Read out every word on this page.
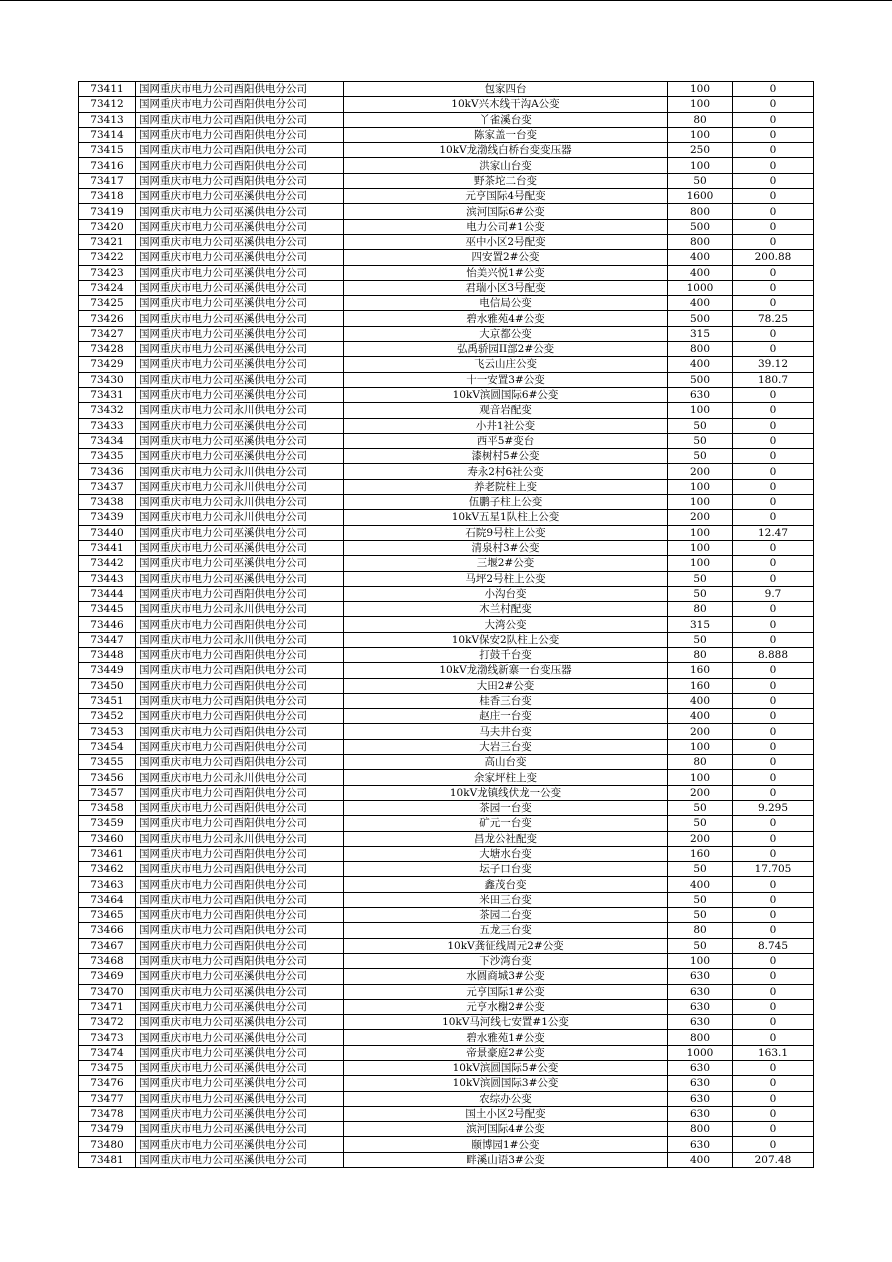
73411	国网重庆市电力公司酉阳供电分公司	包家四台	100	0
73412	国网重庆市电力公司酉阳供电分公司	10kV兴木线干沟A公变	100	0
73413	国网重庆市电力公司酉阳供电分公司	丫雀溪台变	80	0
73414	国网重庆市电力公司酉阳供电分公司	陈家盖一台变	100	0
73415	国网重庆市电力公司酉阳供电分公司	10kV龙渤线白桥台变变压器	250	0
73416	国网重庆市电力公司酉阳供电分公司	洪家山台变	100	0
73417	国网重庆市电力公司酉阳供电分公司	野茶坨二台变	50	0
73418	国网重庆市电力公司巫溪供电分公司	元亨国际4号配变	1600	0
73419	国网重庆市电力公司巫溪供电分公司	滨河国际6#公变	800	0
73420	国网重庆市电力公司巫溪供电分公司	电力公司#1公变	500	0
73421	国网重庆市电力公司巫溪供电分公司	巫中小区2号配变	800	0
73422	国网重庆市电力公司巫溪供电分公司	四安置2#公变	400	200.88
73423	国网重庆市电力公司巫溪供电分公司	怡美兴悦1#公变	400	0
73424	国网重庆市电力公司巫溪供电分公司	君瑞小区3号配变	1000	0
73425	国网重庆市电力公司巫溪供电分公司	电信局公变	400	0
73426	国网重庆市电力公司巫溪供电分公司	碧水雅苑4#公变	500	78.25
73427	国网重庆市电力公司巫溪供电分公司	大京都公变	315	0
73428	国网重庆市电力公司巫溪供电分公司	弘禹骄园II部2#公变	800	0
73429	国网重庆市电力公司巫溪供电分公司	飞云山庄公变	400	39.12
73430	国网重庆市电力公司巫溪供电分公司	十一安置3#公变	500	180.7
73431	国网重庆市电力公司巫溪供电分公司	10kV滨圆国际6#公变	630	0
73432	国网重庆市电力公司永川供电分公司	观音岩配变	100	0
73433	国网重庆市电力公司巫溪供电分公司	小井1社公变	50	0
73434	国网重庆市电力公司巫溪供电分公司	西平5#变台	50	0
73435	国网重庆市电力公司巫溪供电分公司	漆树村5#公变	50	0
73436	国网重庆市电力公司永川供电分公司	寿永2村6社公变	200	0
73437	国网重庆市电力公司永川供电分公司	养老院柱上变	100	0
73438	国网重庆市电力公司永川供电分公司	伍鹏子柱上公变	100	0
73439	国网重庆市电力公司永川供电分公司	10kV五星1队柱上公变	200	0
73440	国网重庆市电力公司巫溪供电分公司	石院9号柱上公变	100	12.47
73441	国网重庆市电力公司巫溪供电分公司	清泉村3#公变	100	0
73442	国网重庆市电力公司巫溪供电分公司	三堰2#公变	100	0
73443	国网重庆市电力公司巫溪供电分公司	马坪2号柱上公变	50	0
73444	国网重庆市电力公司酉阳供电分公司	小沟台变	50	9.7
73445	国网重庆市电力公司永川供电分公司	木兰村配变	80	0
73446	国网重庆市电力公司酉阳供电分公司	大湾公变	315	0
73447	国网重庆市电力公司永川供电分公司	10kV保安2队柱上公变	50	0
73448	国网重庆市电力公司酉阳供电分公司	打鼓千台变	80	8.888
73449	国网重庆市电力公司酉阳供电分公司	10kV龙渤线新寨一台变压器	160	0
73450	国网重庆市电力公司酉阳供电分公司	大田2#公变	160	0
73451	国网重庆市电力公司酉阳供电分公司	桂香三台变	400	0
73452	国网重庆市电力公司酉阳供电分公司	赵庄一台变	400	0
73453	国网重庆市电力公司酉阳供电分公司	马夫井台变	200	0
73454	国网重庆市电力公司酉阳供电分公司	大岩三台变	100	0
73455	国网重庆市电力公司酉阳供电分公司	高山台变	80	0
73456	国网重庆市电力公司永川供电分公司	余家坪柱上变	100	0
73457	国网重庆市电力公司酉阳供电分公司	10kV龙镇线伏龙一公变	200	0
73458	国网重庆市电力公司酉阳供电分公司	茶园一台变	50	9.295
73459	国网重庆市电力公司酉阳供电分公司	矿元一台变	50	0
73460	国网重庆市电力公司永川供电分公司	昌龙公社配变	200	0
73461	国网重庆市电力公司酉阳供电分公司	大塘水台变	160	0
73462	国网重庆市电力公司酉阳供电分公司	坛子口台变	50	17.705
73463	国网重庆市电力公司酉阳供电分公司	鑫茂台变	400	0
73464	国网重庆市电力公司酉阳供电分公司	米田三台变	50	0
73465	国网重庆市电力公司酉阳供电分公司	茶园二台变	50	0
73466	国网重庆市电力公司酉阳供电分公司	五龙三台变	80	0
73467	国网重庆市电力公司酉阳供电分公司	10kV龚征线周元2#公变	50	8.745
73468	国网重庆市电力公司酉阳供电分公司	下沙湾台变	100	0
73469	国网重庆市电力公司巫溪供电分公司	水圆商城3#公变	630	0
73470	国网重庆市电力公司巫溪供电分公司	元亨国际1#公变	630	0
73471	国网重庆市电力公司巫溪供电分公司	元亨水榭2#公变	630	0
73472	国网重庆市电力公司巫溪供电分公司	10kV马河线七安置#1公变	630	0
73473	国网重庆市电力公司巫溪供电分公司	碧水雅苑1#公变	800	0
73474	国网重庆市电力公司巫溪供电分公司	帝景豪庭2#公变	1000	163.1
73475	国网重庆市电力公司巫溪供电分公司	10kV滨圆国际5#公变	630	0
73476	国网重庆市电力公司巫溪供电分公司	10kV滨圆国际3#公变	630	0
73477	国网重庆市电力公司巫溪供电分公司	农综办公变	630	0
73478	国网重庆市电力公司巫溪供电分公司	国土小区2号配变	630	0
73479	国网重庆市电力公司巫溪供电分公司	滨河国际4#公变	800	0
73480	国网重庆市电力公司巫溪供电分公司	颐博园1#公变	630	0
73481	国网重庆市电力公司巫溪供电分公司	畔溪山语3#公变	400	207.48
